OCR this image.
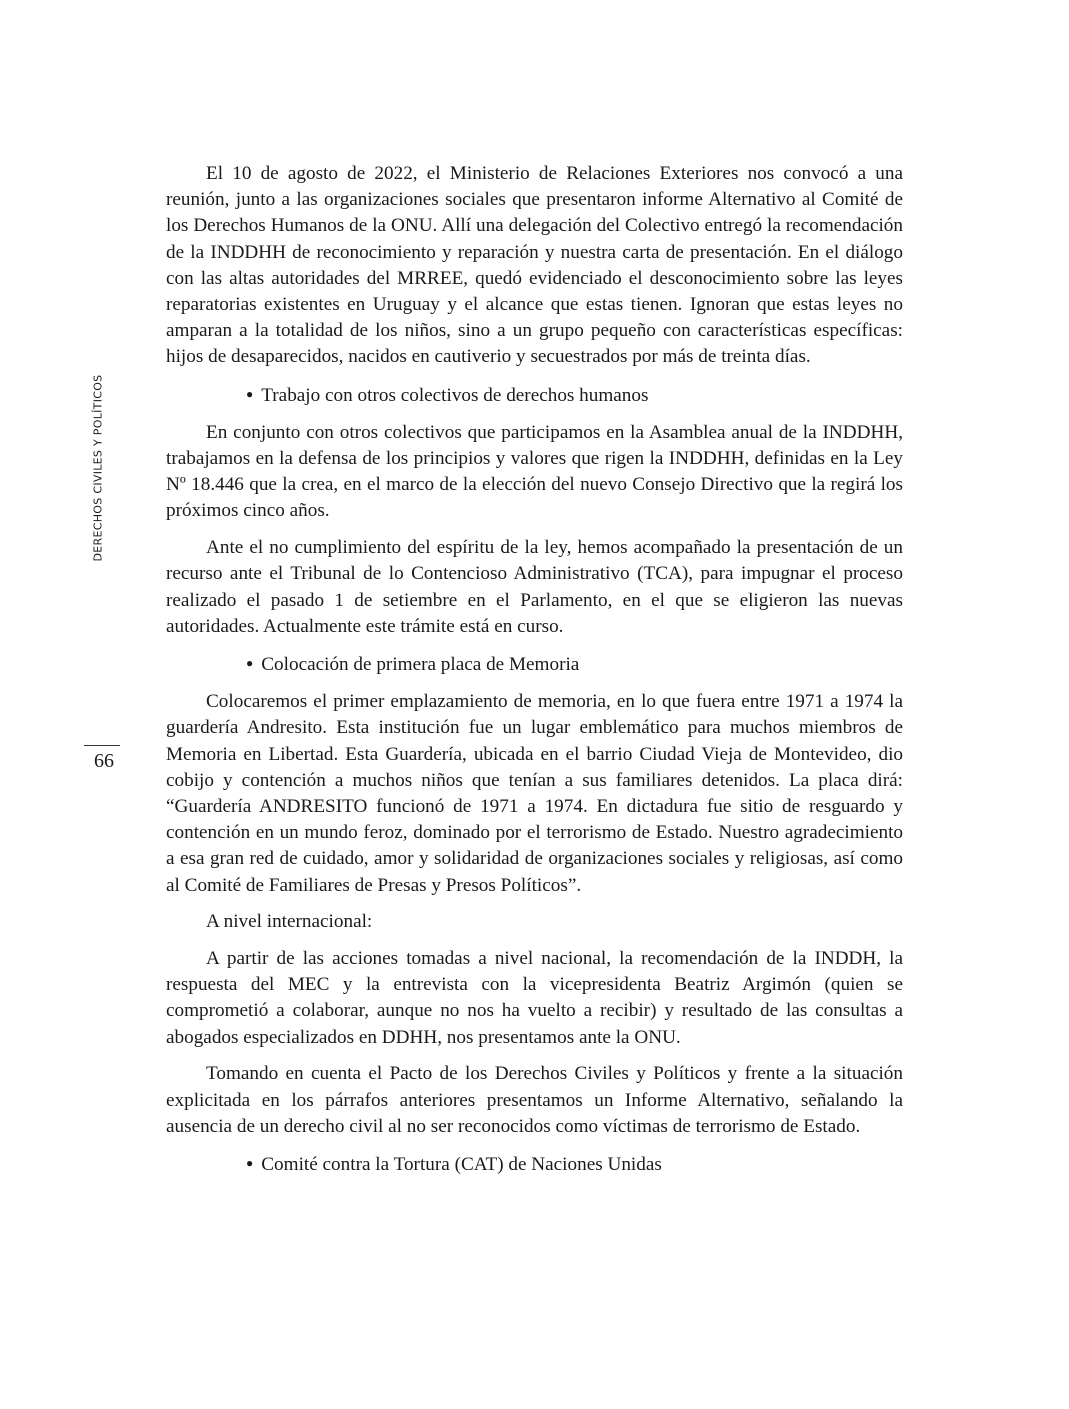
DERECHOS CIVILES Y POLÍTICOS
66

El 10 de agosto de 2022, el Ministerio de Relaciones Exteriores nos convocó a una reunión, junto a las organizaciones sociales que presentaron informe Alternativo al Comité de los Derechos Humanos de la ONU. Allí una delegación del Colectivo entregó la recomendación de la INDDHH de reconocimiento y reparación y nuestra carta de presentación. En el diálogo con las altas autoridades del MRREE, quedó evidenciado el desconocimiento sobre las leyes reparatorias existentes en Uruguay y el alcance que estas tienen. Ignoran que estas leyes no amparan a la totalidad de los niños, sino a un grupo pequeño con características específicas: hijos de desaparecidos, nacidos en cautiverio y secuestrados por más de treinta días.

● Trabajo con otros colectivos de derechos humanos

En conjunto con otros colectivos que participamos en la Asamblea anual de la INDDHH, trabajamos en la defensa de los principios y valores que rigen la INDDHH, definidas en la Ley Nº 18.446 que la crea, en el marco de la elección del nuevo Consejo Directivo que la regirá los próximos cinco años.

Ante el no cumplimiento del espíritu de la ley, hemos acompañado la presentación de un recurso ante el Tribunal de lo Contencioso Administrativo (TCA), para impugnar el proceso realizado el pasado 1 de setiembre en el Parlamento, en el que se eligieron las nuevas autoridades. Actualmente este trámite está en curso.

● Colocación de primera placa de Memoria

Colocaremos el primer emplazamiento de memoria, en lo que fuera entre 1971 a 1974 la guardería Andresito. Esta institución fue un lugar emblemático para muchos miembros de Memoria en Libertad. Esta Guardería, ubicada en el barrio Ciudad Vieja de Montevideo, dio cobijo y contención a muchos niños que tenían a sus familiares detenidos. La placa dirá: “Guardería ANDRESITO funcionó de 1971 a 1974. En dictadura fue sitio de resguardo y contención en un mundo feroz, dominado por el terrorismo de Estado. Nuestro agradecimiento a esa gran red de cuidado, amor y solidaridad de organizaciones sociales y religiosas, así como al Comité de Familiares de Presas y Presos Políticos”.

A nivel internacional:

A partir de las acciones tomadas a nivel nacional, la recomendación de la INDDH, la respuesta del MEC y la entrevista con la vicepresidenta Beatriz Argimón (quien se comprometió a colaborar, aunque no nos ha vuelto a recibir) y resultado de las consultas a abogados especializados en DDHH, nos presentamos ante la ONU.

Tomando en cuenta el Pacto de los Derechos Civiles y Políticos y frente a la situación explicitada en los párrafos anteriores presentamos un Informe Alternativo, señalando la ausencia de un derecho civil al no ser reconocidos como víctimas de terrorismo de Estado.

● Comité contra la Tortura (CAT) de Naciones Unidas
